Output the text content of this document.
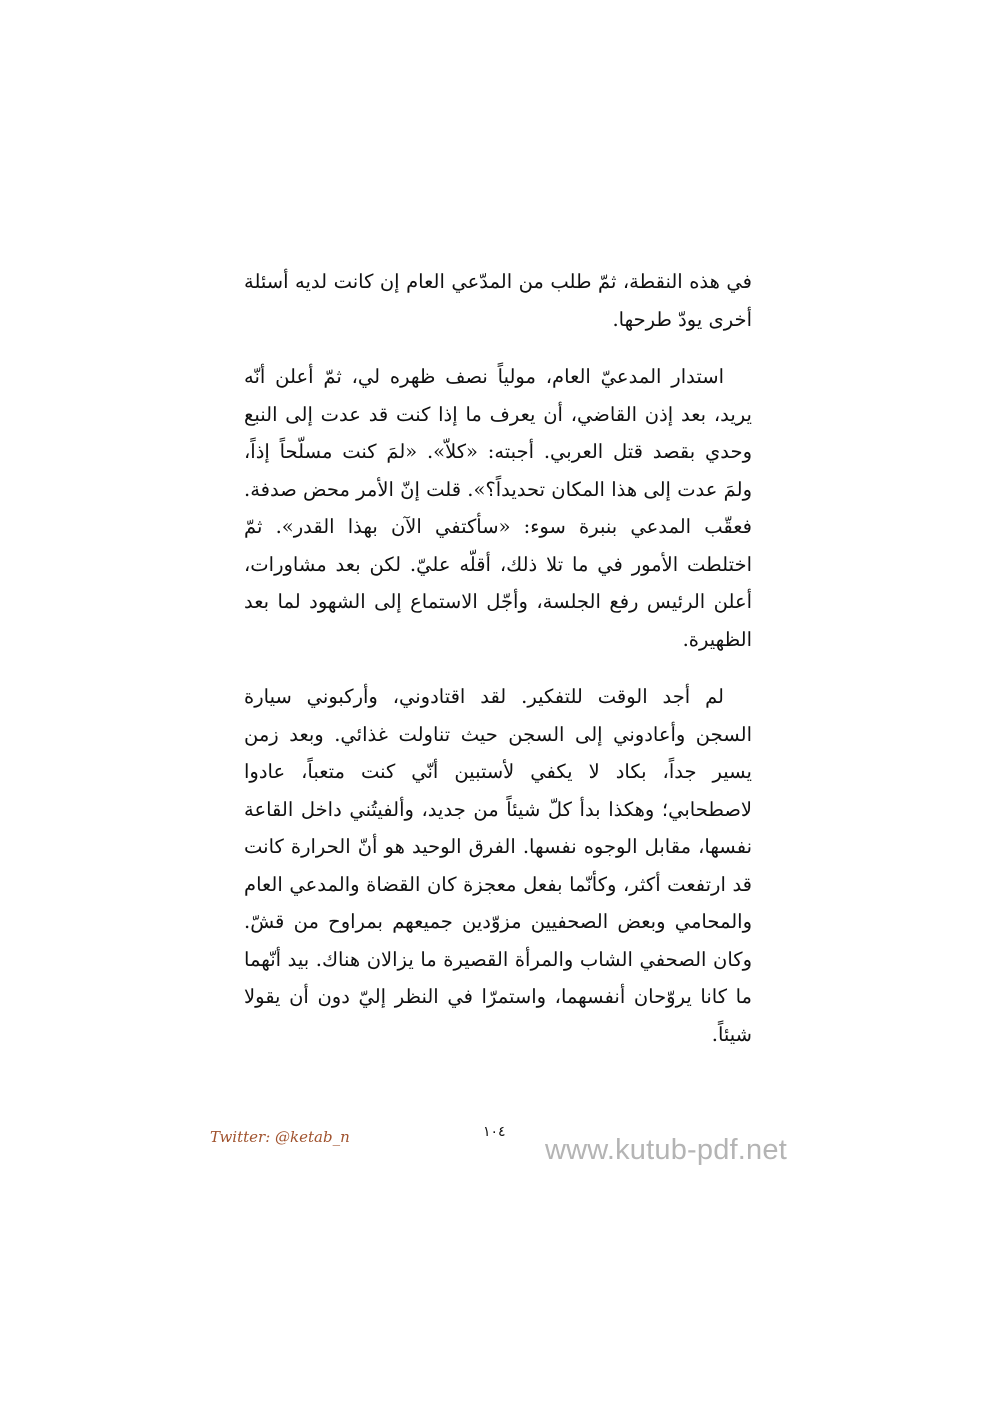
في هذه النقطة، ثمّ طلب من المدّعي العام إن كانت لديه أسئلة أخرى يودّ طرحها.

استدار المدعيّ العام، مولياً نصف ظهره لي، ثمّ أعلن أنّه يريد، بعد إذن القاضي، أن يعرف ما إذا كنت قد عدت إلى النبع وحدي بقصد قتل العربي. أجبته: «كلاّ». «لمَ كنت مسلّحاً إذاً، ولمَ عدت إلى هذا المكان تحديداً؟». قلت إنّ الأمر محض صدفة. فعقّب المدعي بنبرة سوء: «سأكتفي الآن بهذا القدر». ثمّ اختلطت الأمور في ما تلا ذلك، أقلّه عليّ. لكن بعد مشاورات، أعلن الرئيس رفع الجلسة، وأجّل الاستماع إلى الشهود لما بعد الظهيرة.

لم أجد الوقت للتفكير. لقد اقتادوني، وأركبوني سيارة السجن وأعادوني إلى السجن حيث تناولت غذائي. وبعد زمن يسير جداً، بكاد لا يكفي لأستبين أنّي كنت متعباً، عادوا لاصطحابي؛ وهكذا بدأ كلّ شيئاً من جديد، وألفيتُني داخل القاعة نفسها، مقابل الوجوه نفسها. الفرق الوحيد هو أنّ الحرارة كانت قد ارتفعت أكثر، وكأنّما بفعل معجزة كان القضاة والمدعي العام والمحامي وبعض الصحفيين مزوّدين جميعهم بمراوح من قشّ. وكان الصحفي الشاب والمرأة القصيرة ما يزالان هناك. بيد أنّهما ما كانا يروّحان أنفسهما، واستمرّا في النظر إليّ دون أن يقولا شيئاً.

Twitter: @ketab_n	١٠٤
www.kutub-pdf.net
